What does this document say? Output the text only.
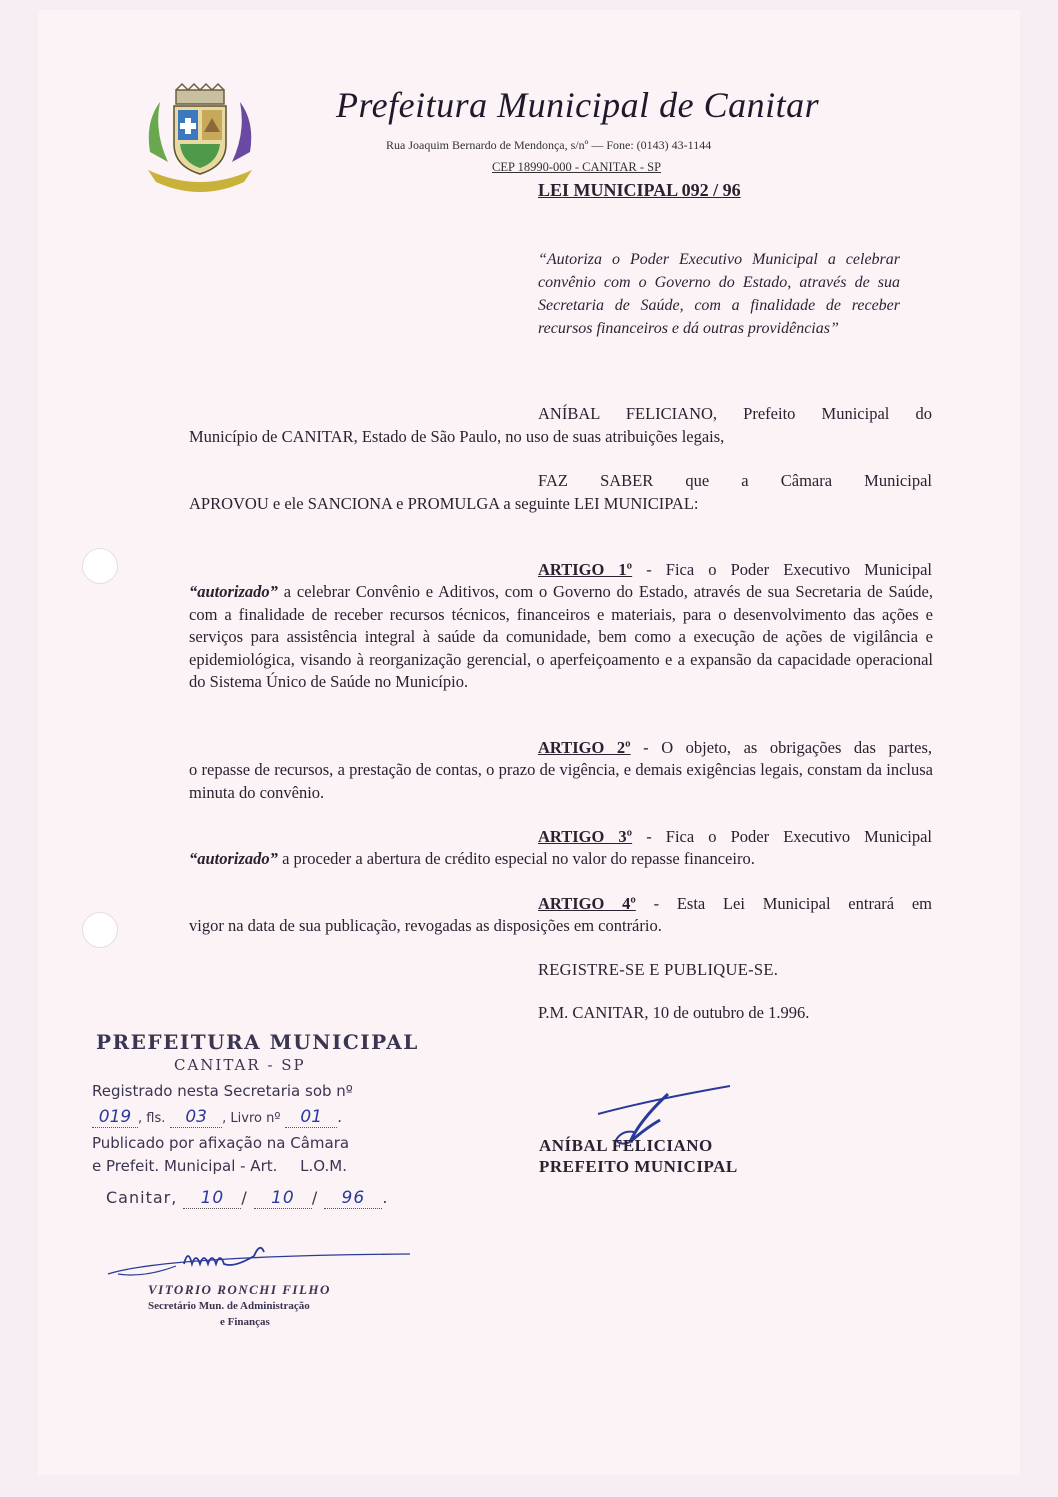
Prefeitura Municipal de Canitar
Rua Joaquim Bernardo de Mendonça, s/nº — Fone: (0143) 43-1144
CEP 18990-000 - CANITAR - SP
LEI MUNICIPAL 092 / 96
“Autoriza o Poder Executivo Municipal a celebrar convênio com o Governo do Estado, através de sua Secretaria de Saúde, com a finalidade de receber recursos financeiros e dá outras providências”
ANÍBAL FELICIANO, Prefeito Municipal do
Município de CANITAR, Estado de São Paulo, no uso de suas atribuições legais,
FAZ SABER que a Câmara Municipal
APROVOU e ele SANCIONA e PROMULGA a seguinte LEI MUNICIPAL:
ARTIGO 1º - Fica o Poder Executivo Municipal
“autorizado” a celebrar Convênio e Aditivos, com o Governo do Estado, através de sua Secretaria de Saúde, com a finalidade de receber recursos técnicos, financeiros e materiais, para o desenvolvimento das ações e serviços para assistência integral à saúde da comunidade, bem como a execução de ações de vigilância e epidemiológica, visando à reorganização gerencial, o aperfeiçoamento e a expansão da capacidade operacional do Sistema Único de Saúde no Município.
ARTIGO 2º - O objeto, as obrigações das partes,
o repasse de recursos, a prestação de contas, o prazo de vigência, e demais exigências legais, constam da inclusa minuta do convênio.
ARTIGO 3º - Fica o Poder Executivo Municipal
“autorizado” a proceder a abertura de crédito especial no valor do repasse financeiro.
ARTIGO 4º - Esta Lei Municipal entrará em
vigor na data de sua publicação, revogadas as disposições em contrário.
REGISTRE-SE E PUBLIQUE-SE.
P.M. CANITAR, 10 de outubro de 1.996.
ANÍBAL FELICIANO
PREFEITO MUNICIPAL
PREFEITURA MUNICIPAL
CANITAR - SP
Registrado nesta Secretaria sob nº
019 , fls. 03 , Livro nº 01 .
Publicado por afixação na Câmara
e Prefeit. Municipal - Art. L.O.M.
Canitar, 10 / 10 / 96 .
VITORIO RONCHI FILHO
Secretário Mun. de Administração
e Finanças
